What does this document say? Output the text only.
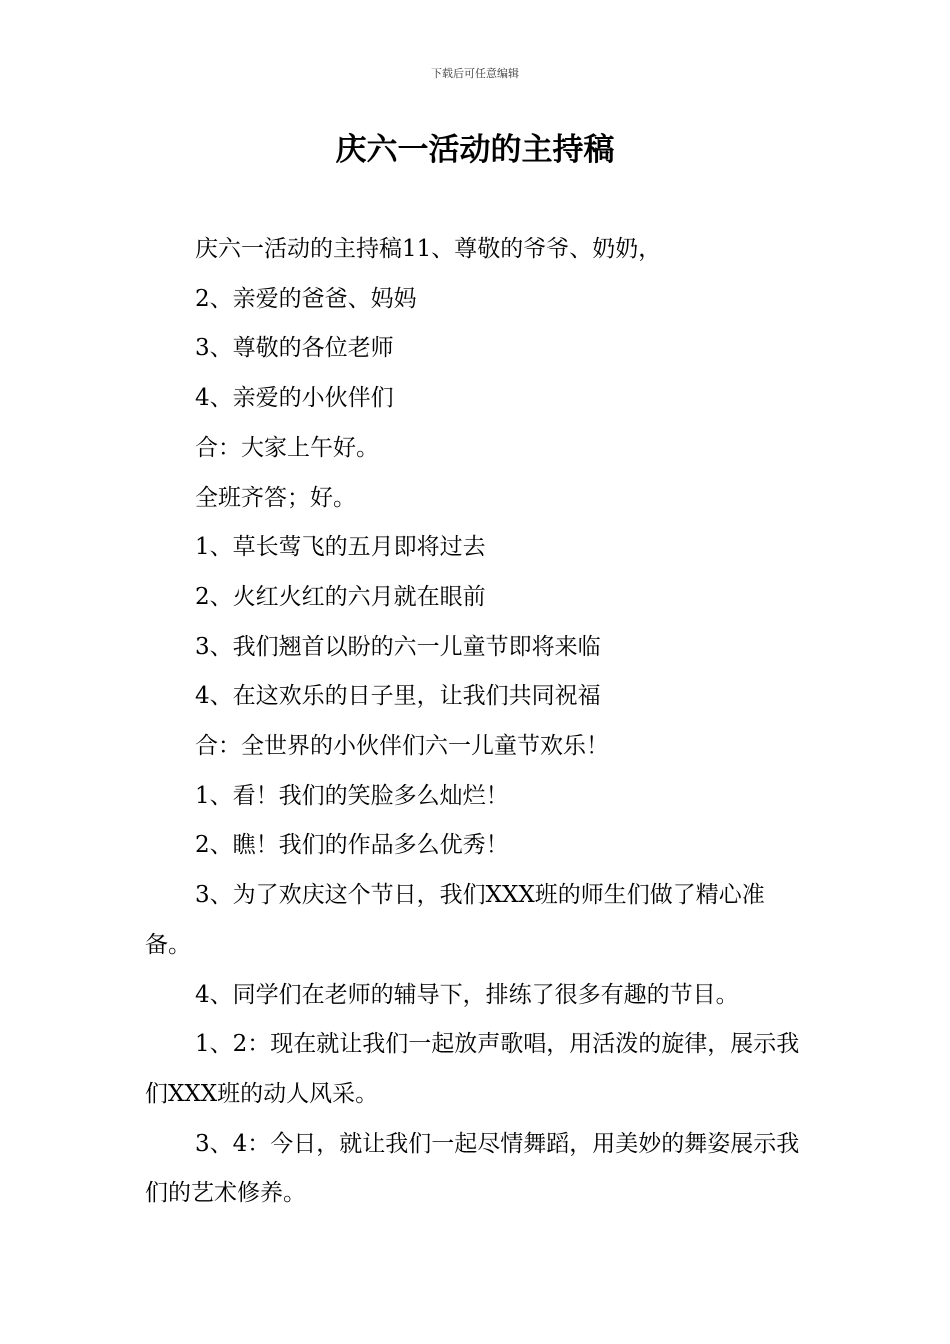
下载后可任意编辑
庆六一活动的主持稿

庆六一活动的主持稿11、尊敬的爷爷、奶奶，

2、亲爱的爸爸、妈妈

3、尊敬的各位老师

4、亲爱的小伙伴们

合：大家上午好。

全班齐答；好。

1、草长莺飞的五月即将过去

2、火红火红的六月就在眼前

3、我们翘首以盼的六一儿童节即将来临

4、在这欢乐的日子里，让我们共同祝福

合：全世界的小伙伴们六一儿童节欢乐！

1、看！我们的笑脸多么灿烂！

2、瞧！我们的作品多么优秀！

3、为了欢庆这个节日，我们XXX班的师生们做了精心准备。

4、同学们在老师的辅导下，排练了很多有趣的节目。

1、2：现在就让我们一起放声歌唱，用活泼的旋律，展示我们XXX班的动人风采。

3、4：今日，就让我们一起尽情舞蹈，用美妙的舞姿展示我们的艺术修养。
